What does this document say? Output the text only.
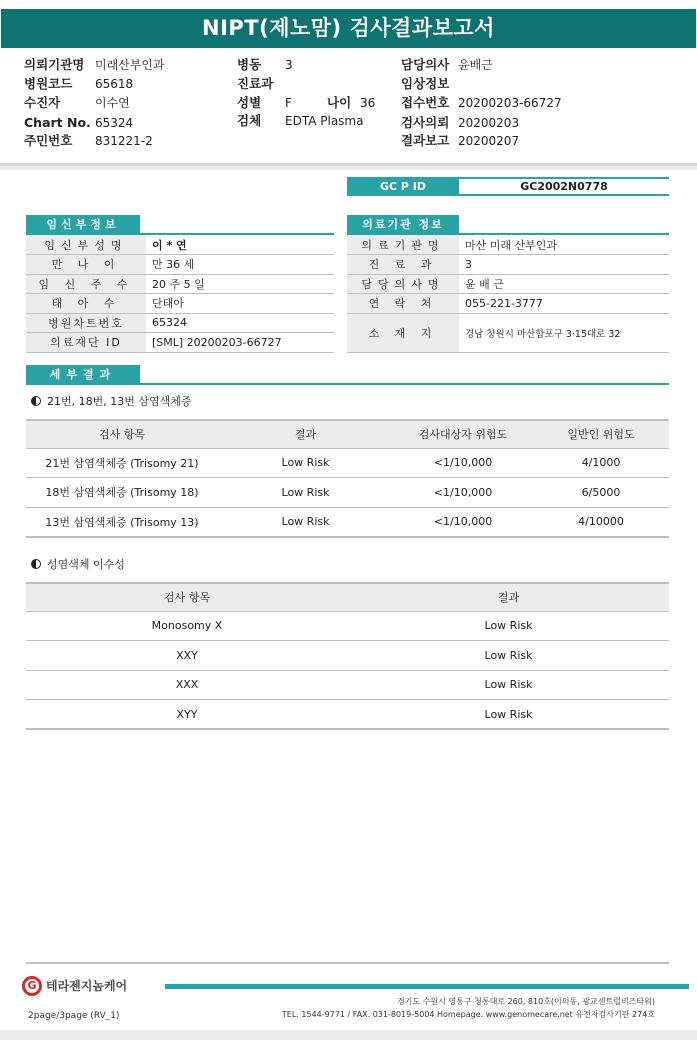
NIPT(제노맘) 검사결과보고서
의뢰기관명 미래산부인과
병원코드 65618
수진자	이수연
Chart No. 65324
주민번호 831221-2
병동 3
진료과
성별 F	나이 36
검체 EDTA Plasma
담당의사 윤배근
임상정보
접수번호 20200203-66727
검사의뢰 20200203
결과보고 20200207
GC P ID	GC2002N0778
임신부정보
임신부성명	이 * 연
만 나 이	만 36 세
임 신 주 수	20 주 5 일
태 아 수	단태아
병원차트번호	65324
의료재단 ID	[SML] 20200203-66727
의료기관 정보
의료기관명	마산 미래 산부인과
진 료 과	3
담당의사명	윤 배 근
연 락 처	055-221-3777
소 재 지	경남 창원시 마산합포구 3·15대로 32
세부결과
21번, 18번, 13번 삼염색체증
검사 항목	결과	검사대상자 위험도	일반인 위험도
21번 삼염색체증 (Trisomy 21)	Low Risk	<1/10,000	4/1000
18번 삼염색체증 (Trisomy 18)	Low Risk	<1/10,000	6/5000
13번 삼염색체증 (Trisomy 13)	Low Risk	<1/10,000	4/10000
성염색체 이수성
검사 항목	결과
Monosomy X	Low Risk
XXY	Low Risk
XXX	Low Risk
XYY	Low Risk
G 테라젠지놈케어
경기도 수원시 영통구 청통대로 260, 810호(이의동, 광교센트럴비즈타워)
TEL. 1544-9771 / FAX. 031-8019-5004 Homepage. www.genomecare.net 유전자검사기관 274호
2page/3page (RV_1)
